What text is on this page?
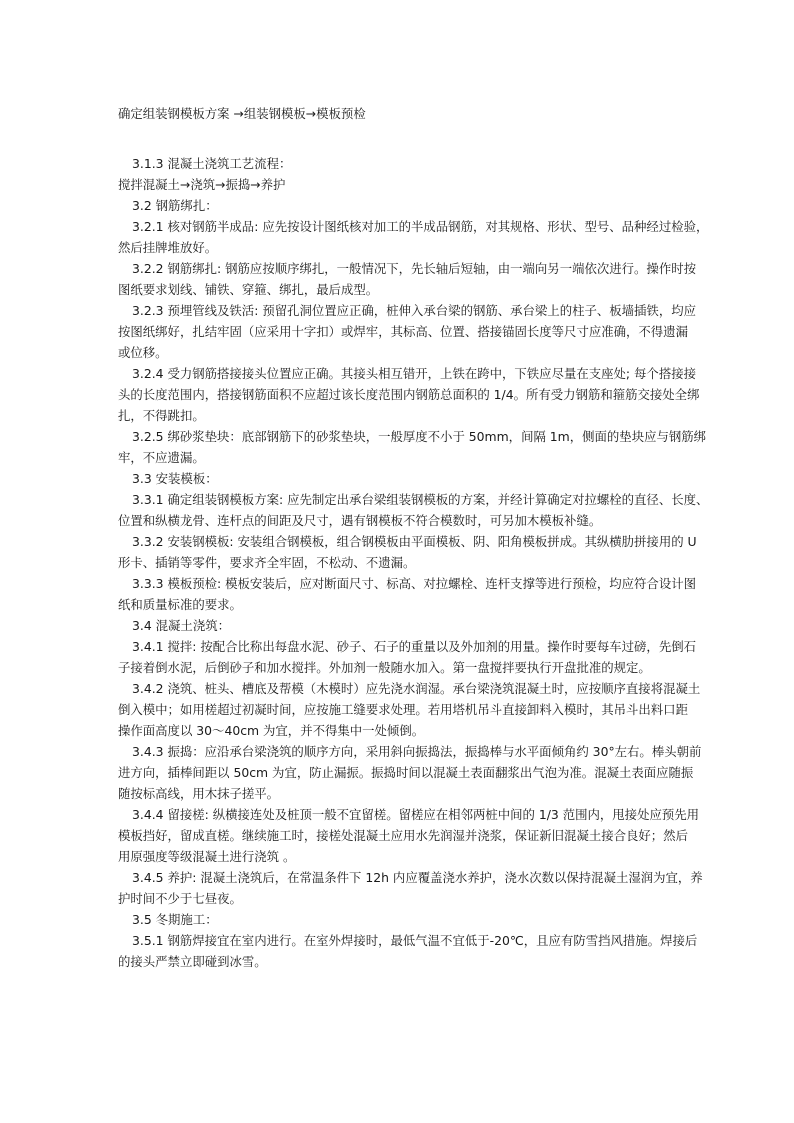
确定组装钢模板方案 →组装钢模板→模板预检
3.1.3 混凝土浇筑工艺流程：
搅拌混凝土→浇筑→振捣→养护
3.2 钢筋绑扎：
3.2.1 核对钢筋半成品: 应先按设计图纸核对加工的半成品钢筋，对其规格、形状、型号、品种经过检验，
然后挂牌堆放好。
3.2.2 钢筋绑扎: 钢筋应按顺序绑扎，一般情况下，先长轴后短轴，由一端向另一端依次进行。操作时按
图纸要求划线、铺铁、穿箍、绑扎，最后成型。
3.2.3 预埋管线及铁活: 预留孔洞位置应正确，桩伸入承台梁的钢筋、承台梁上的柱子、板墙插铁，均应
按图纸绑好，扎结牢固（应采用十字扣）或焊牢，其标高、位置、搭接锚固长度等尺寸应准确，不得遗漏
或位移。
3.2.4 受力钢筋搭接接头位置应正确。其接头相互错开，上铁在跨中，下铁应尽量在支座处; 每个搭接接
头的长度范围内，搭接钢筋面积不应超过该长度范围内钢筋总面积的 1/4。所有受力钢筋和箍筋交接处全绑
扎，不得跳扣。
3.2.5 绑砂浆垫块：底部钢筋下的砂浆垫块，一般厚度不小于 50mm，间隔 1m，侧面的垫块应与钢筋绑
牢，不应遗漏。
3.3 安装模板：
3.3.1 确定组装钢模板方案: 应先制定出承台梁组装钢模板的方案，并经计算确定对拉螺栓的直径、长度、
位置和纵横龙骨、连杆点的间距及尺寸，遇有钢模板不符合模数时，可另加木模板补缝。
3.3.2 安装钢模板: 安装组合钢模板，组合钢模板由平面模板、阴、阳角模板拼成。其纵横肋拼接用的 U
形卡、插销等零件，要求齐全牢固，不松动、不遗漏。
3.3.3 模板预检: 模板安装后，应对断面尺寸、标高、对拉螺栓、连杆支撑等进行预检，均应符合设计图
纸和质量标准的要求。
3.4 混凝土浇筑：
3.4.1 搅拌: 按配合比称出每盘水泥、砂子、石子的重量以及外加剂的用量。操作时要每车过磅，先倒石
子接着倒水泥，后倒砂子和加水搅拌。外加剂一般随水加入。第一盘搅拌要执行开盘批准的规定。
3.4.2 浇筑、桩头、槽底及帮模（木模时）应先浇水润湿。承台梁浇筑混凝土时，应按顺序直接将混凝土
倒入模中；如用槎超过初凝时间，应按施工缝要求处理。若用塔机吊斗直接卸料入模时，其吊斗出料口距
操作面高度以 30～40cm 为宜，并不得集中一处倾倒。
3.4.3 振捣：应沿承台梁浇筑的顺序方向，采用斜向振捣法，振捣棒与水平面倾角约 30°左右。棒头朝前
进方向，插棒间距以 50cm 为宜，防止漏振。振捣时间以混凝土表面翻浆出气泡为准。混凝土表面应随振
随按标高线，用木抹子搓平。
3.4.4 留接槎: 纵横接连处及桩顶一般不宜留槎。留槎应在相邻两桩中间的 1/3 范围内，甩接处应预先用
模板挡好，留成直槎。继续施工时，接槎处混凝土应用水先润湿并浇浆，保证新旧混凝土接合良好；然后
用原强度等级混凝土进行浇筑 。
3.4.5 养护: 混凝土浇筑后，在常温条件下 12h 内应覆盖浇水养护，浇水次数以保持混凝土湿润为宜，养
护时间不少于七昼夜。
3.5 冬期施工：
3.5.1 钢筋焊接宜在室内进行。在室外焊接时，最低气温不宜低于-20℃，且应有防雪挡风措施。焊接后
的接头严禁立即碰到冰雪。
